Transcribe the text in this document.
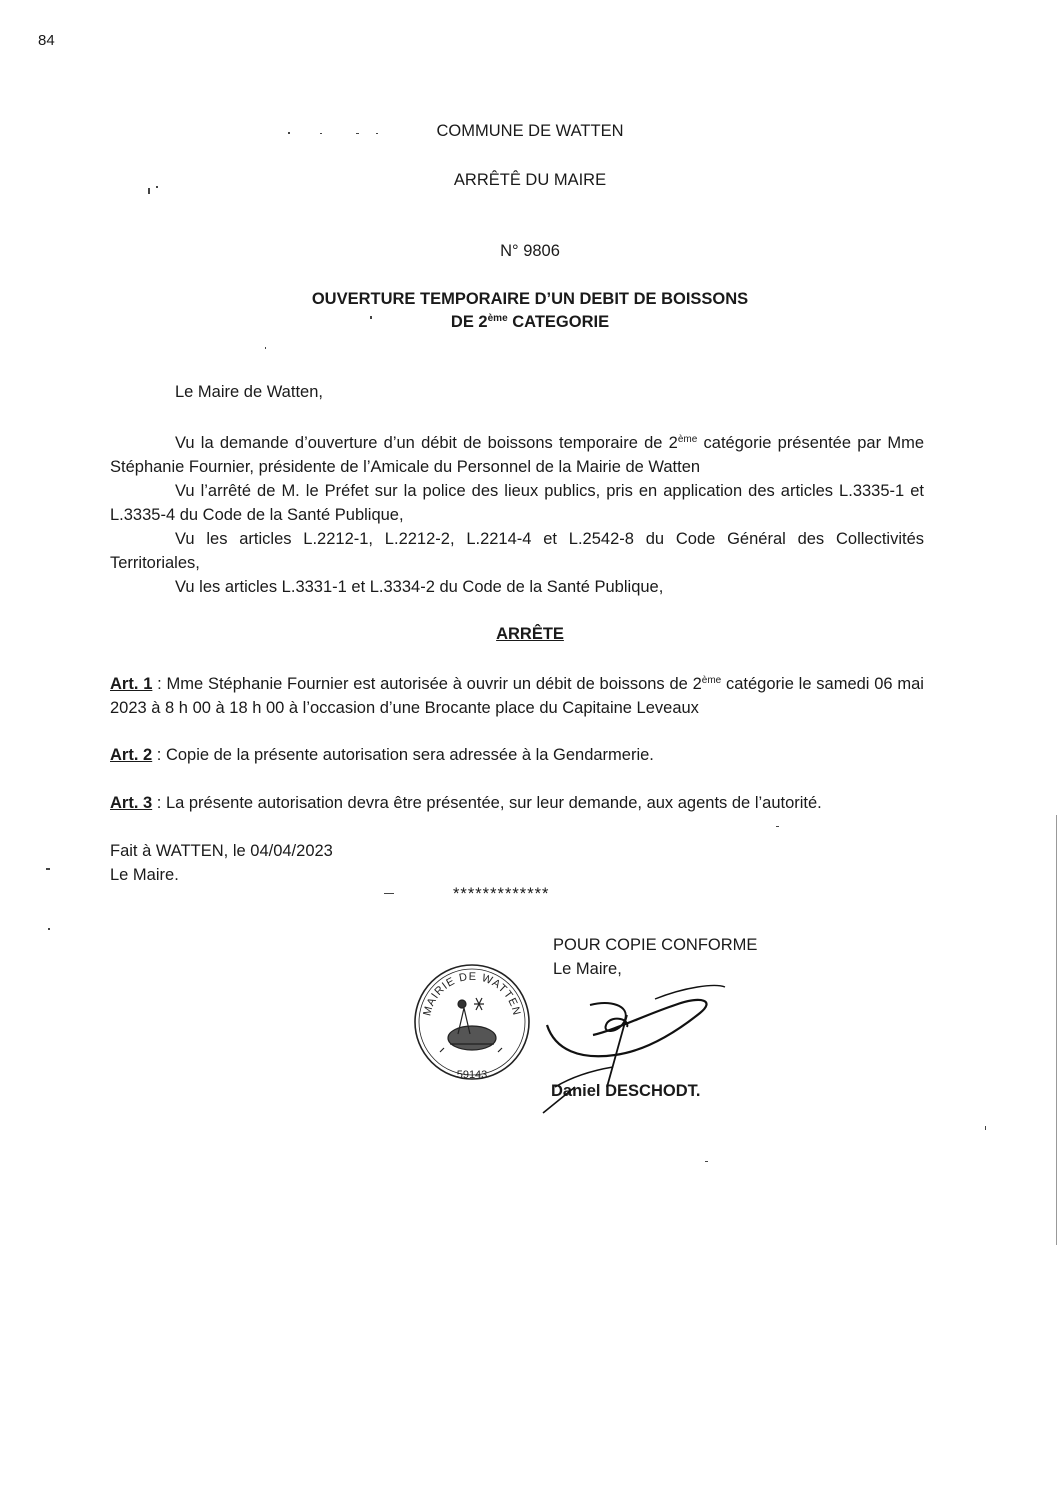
84
COMMUNE DE WATTEN
ARRÊTÊ DU MAIRE
N° 9806
OUVERTURE TEMPORAIRE D’UN DEBIT DE BOISSONS
DE 2ème CATEGORIE
Le Maire de Watten,
Vu la demande d’ouverture d’un débit de boissons temporaire de 2ème catégorie présentée par Mme Stéphanie Fournier, présidente de l’Amicale du Personnel de la Mairie de Watten
Vu l’arrêté de M. le Préfet sur la police des lieux publics, pris en application des articles L.3335-1 et L.3335-4 du Code de la Santé Publique,
Vu les articles L.2212-1, L.2212-2, L.2214-4 et L.2542-8 du Code Général des Collectivités Territoriales,
Vu les articles L.3331-1 et L.3334-2 du Code de la Santé Publique,
ARRÊTE
Art. 1 : Mme Stéphanie Fournier est autorisée à ouvrir un débit de boissons de 2ème catégorie le samedi 06 mai 2023 à 8 h 00 à 18 h 00 à l’occasion d’une Brocante place du Capitaine Leveaux
Art. 2 : Copie de la présente autorisation sera adressée à la Gendarmerie.
Art. 3 : La présente autorisation devra être présentée, sur leur demande, aux agents de l’autorité.
Fait à WATTEN, le 04/04/2023
Le Maire.
*************
POUR COPIE CONFORME
Le Maire,
Daniel DESCHODT.
MAIRIE DE WATTEN
59143
